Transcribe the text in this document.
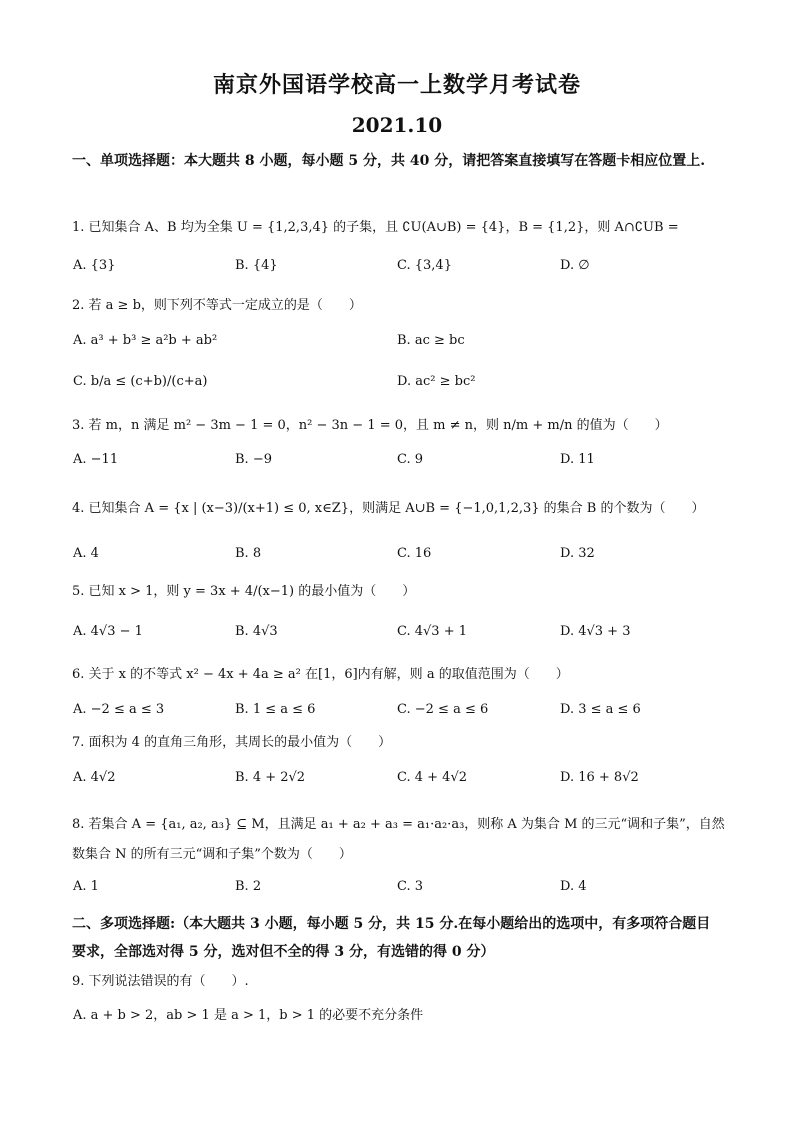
南京外国语学校高一上数学月考试卷
2021.10
一、单项选择题：本大题共 8 小题，每小题 5 分，共 40 分，请把答案直接填写在答题卡相应位置上.
1. 已知集合 A、B 均为全集 U = {1,2,3,4} 的子集，且 ∁U(A∪B) = {4}，B = {1,2}，则 A∩∁UB =
A. {3}	B. {4}	C. {3,4}	D. ∅
2. 若 a ≥ b，则下列不等式一定成立的是（　　）
A. a³ + b³ ≥ a²b + ab²	B. ac ≥ bc
C. b/a ≤ (c+b)/(c+a)	D. ac² ≥ bc²
3. 若 m，n 满足 m² − 3m − 1 = 0，n² − 3n − 1 = 0，且 m ≠ n，则 n/m + m/n 的值为（　　）
A. −11	B. −9	C. 9	D. 11
4. 已知集合 A = {x | (x−3)/(x+1) ≤ 0, x∈Z}，则满足 A∪B = {−1,0,1,2,3} 的集合 B 的个数为（　　）
A. 4	B. 8	C. 16	D. 32
5. 已知 x > 1，则 y = 3x + 4/(x−1) 的最小值为（　　）
A. 4√3 − 1	B. 4√3	C. 4√3 + 1	D. 4√3 + 3
6. 关于 x 的不等式 x² − 4x + 4a ≥ a² 在[1，6]内有解，则 a 的取值范围为（　　）
A. −2 ≤ a ≤ 3	B. 1 ≤ a ≤ 6	C. −2 ≤ a ≤ 6	D. 3 ≤ a ≤ 6
7. 面积为 4 的直角三角形，其周长的最小值为（　　）
A. 4√2	B. 4 + 2√2	C. 4 + 4√2	D. 16 + 8√2
8. 若集合 A = {a₁, a₂, a₃} ⊆ M，且满足 a₁ + a₂ + a₃ = a₁·a₂·a₃，则称 A 为集合 M 的三元“调和子集”，自然数集合 N 的所有三元“调和子集”个数为（　　）
A. 1	B. 2	C. 3	D. 4
二、多项选择题:（本大题共 3 小题，每小题 5 分，共 15 分.在每小题给出的选项中，有多项符合题目要求，全部选对得 5 分，选对但不全的得 3 分，有选错的得 0 分）
9. 下列说法错误的有（　　）.
A. a + b > 2，ab > 1 是 a > 1，b > 1 的必要不充分条件
